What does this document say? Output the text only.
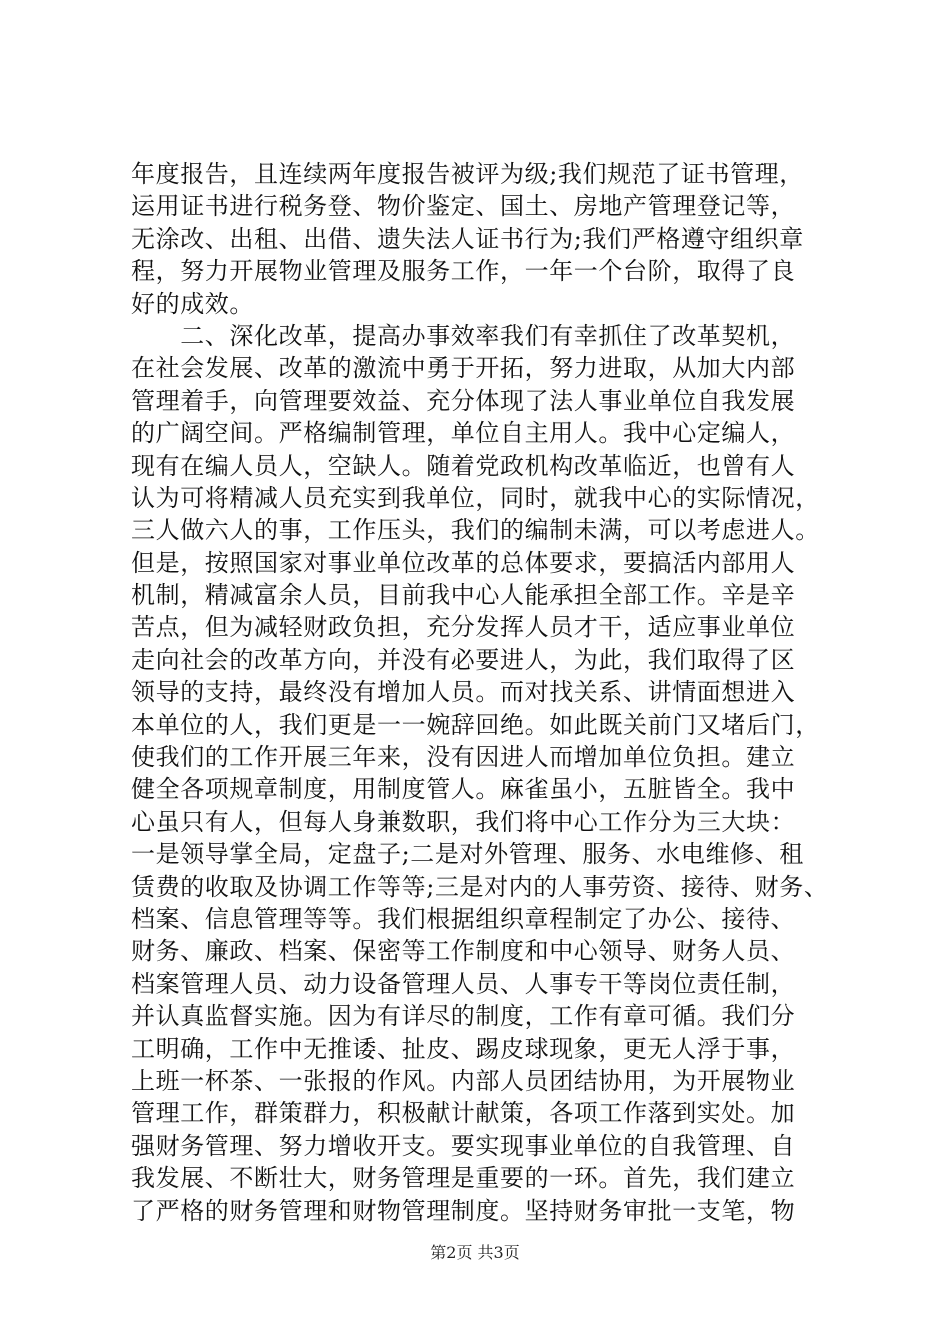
年度报告，且连续两年度报告被评为级;我们规范了证书管理，
运用证书进行税务登、物价鉴定、国土、房地产管理登记等，
无涂改、出租、出借、遗失法人证书行为;我们严格遵守组织章
程，努力开展物业管理及服务工作，一年一个台阶，取得了良
好的成效。
　　二、深化改革，提高办事效率我们有幸抓住了改革契机，
在社会发展、改革的激流中勇于开拓，努力进取，从加大内部
管理着手，向管理要效益、充分体现了法人事业单位自我发展
的广阔空间。严格编制管理，单位自主用人。我中心定编人，
现有在编人员人，空缺人。随着党政机构改革临近，也曾有人
认为可将精减人员充实到我单位，同时，就我中心的实际情况，
三人做六人的事，工作压头，我们的编制未满，可以考虑进人。
但是，按照国家对事业单位改革的总体要求，要搞活内部用人
机制，精减富余人员，目前我中心人能承担全部工作。辛是辛
苦点，但为减轻财政负担，充分发挥人员才干，适应事业单位
走向社会的改革方向，并没有必要进人，为此，我们取得了区
领导的支持，最终没有增加人员。而对找关系、讲情面想进入
本单位的人，我们更是一一婉辞回绝。如此既关前门又堵后门，
使我们的工作开展三年来，没有因进人而增加单位负担。建立
健全各项规章制度，用制度管人。麻雀虽小，五脏皆全。我中
心虽只有人，但每人身兼数职，我们将中心工作分为三大块：
一是领导掌全局，定盘子;二是对外管理、服务、水电维修、租
赁费的收取及协调工作等等;三是对内的人事劳资、接待、财务、
档案、信息管理等等。我们根据组织章程制定了办公、接待、
财务、廉政、档案、保密等工作制度和中心领导、财务人员、
档案管理人员、动力设备管理人员、人事专干等岗位责任制，
并认真监督实施。因为有详尽的制度，工作有章可循。我们分
工明确，工作中无推诿、扯皮、踢皮球现象，更无人浮于事，
上班一杯茶、一张报的作风。内部人员团结协用，为开展物业
管理工作，群策群力，积极献计献策，各项工作落到实处。加
强财务管理、努力增收开支。要实现事业单位的自我管理、自
我发展、不断壮大，财务管理是重要的一环。首先，我们建立
了严格的财务管理和财物管理制度。坚持财务审批一支笔，物
第2页 共3页
